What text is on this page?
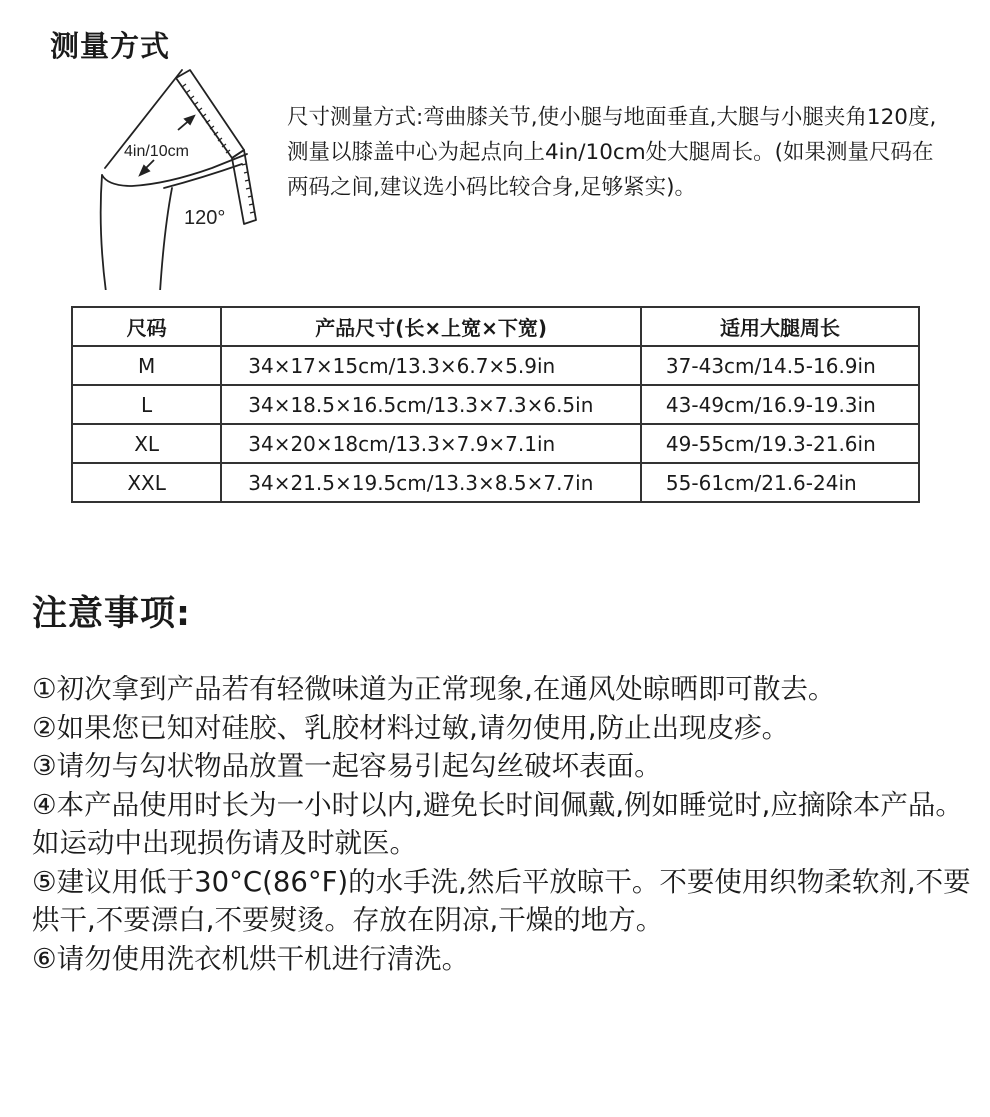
测量方式
4in/10cm
120°

尺寸测量方式:弯曲膝关节,使小腿与地面垂直,大腿与小腿夹角120度,测量以膝盖中心为起点向上4in/10cm处大腿周长。(如果测量尺码在两码之间,建议选小码比较合身,足够紧实)。

尺码	产品尺寸(长×上宽×下宽)	适用大腿周长
M	34×17×15cm/13.3×6.7×5.9in	37-43cm/14.5-16.9in
L	34×18.5×16.5cm/13.3×7.3×6.5in	43-49cm/16.9-19.3in
XL	34×20×18cm/13.3×7.9×7.1in	49-55cm/19.3-21.6in
XXL	34×21.5×19.5cm/13.3×8.5×7.7in	55-61cm/21.6-24in
注意事项:

①初次拿到产品若有轻微味道为正常现象,在通风处晾晒即可散去。

②如果您已知对硅胶、乳胶材料过敏,请勿使用,防止出现皮疹。

③请勿与勾状物品放置一起容易引起勾丝破坏表面。

④本产品使用时长为一小时以内,避免长时间佩戴,例如睡觉时,应摘除本产品。如运动中出现损伤请及时就医。

⑤建议用低于30°C(86°F)的水手洗,然后平放晾干。不要使用织物柔软剂,不要烘干,不要漂白,不要熨烫。存放在阴凉,干燥的地方。

⑥请勿使用洗衣机烘干机进行清洗。
